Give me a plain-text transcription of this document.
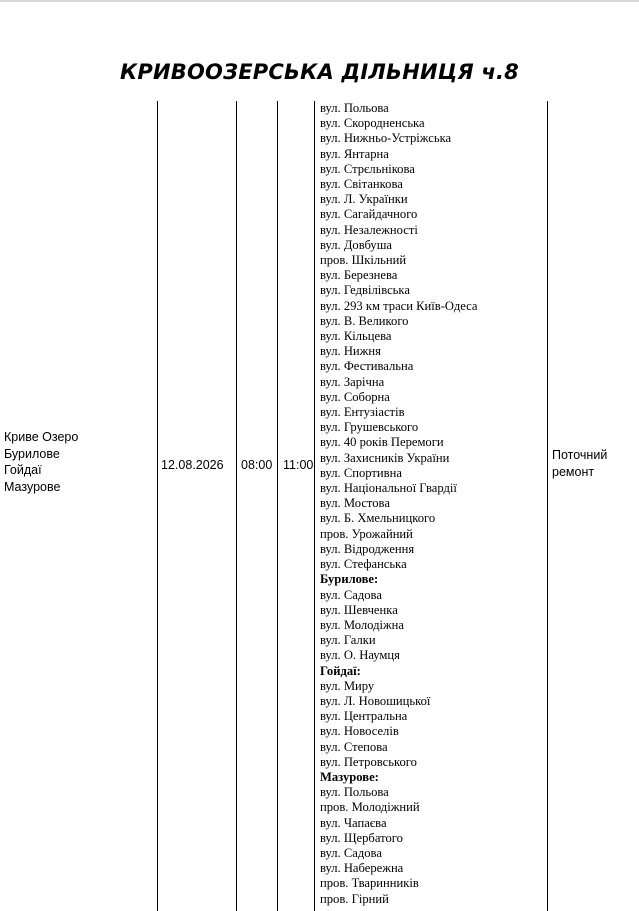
КРИВООЗЕРСЬКА ДІЛЬНИЦЯ ч.8
Криве Озеро
Бурилове
Гойдаї
Мазурове
12.08.2026 08:00 11:00
вул. Польова
вул. Скородненська
вул. Нижньо-Устріжська
вул. Янтарна
вул. Стрєльнікова
вул. Світанкова
вул. Л. Українки
вул. Сагайдачного
вул. Незалежності
вул. Довбуша
пров. Шкільний
вул. Березнева
вул. Гедвілівська
вул. 293 км траси Київ-Одеса
вул. В. Великого
вул. Кільцева
вул. Нижня
вул. Фестивальна
вул. Зарічна
вул. Соборна
вул. Ентузіастів
вул. Грушевського
вул. 40 років Перемоги
вул. Захисників України
вул. Спортивна
вул. Національної Гвардії
вул. Мостова
вул. Б. Хмельницкого
пров. Урожайний
вул. Відродження
вул. Стефанська
Бурилове:
вул. Садова
вул. Шевченка
вул. Молодіжна
вул. Галки
вул. О. Наумця
Гойдаї:
вул. Миру
вул. Л. Новошицької
вул. Центральна
вул. Новоселів
вул. Степова
вул. Петровського
Мазурове:
вул. Польова
пров. Молодіжний
вул. Чапаєва
вул. Щербатого
вул. Садова
вул. Набережна
пров. Тваринників
пров. Гірний
Поточний
ремонт
